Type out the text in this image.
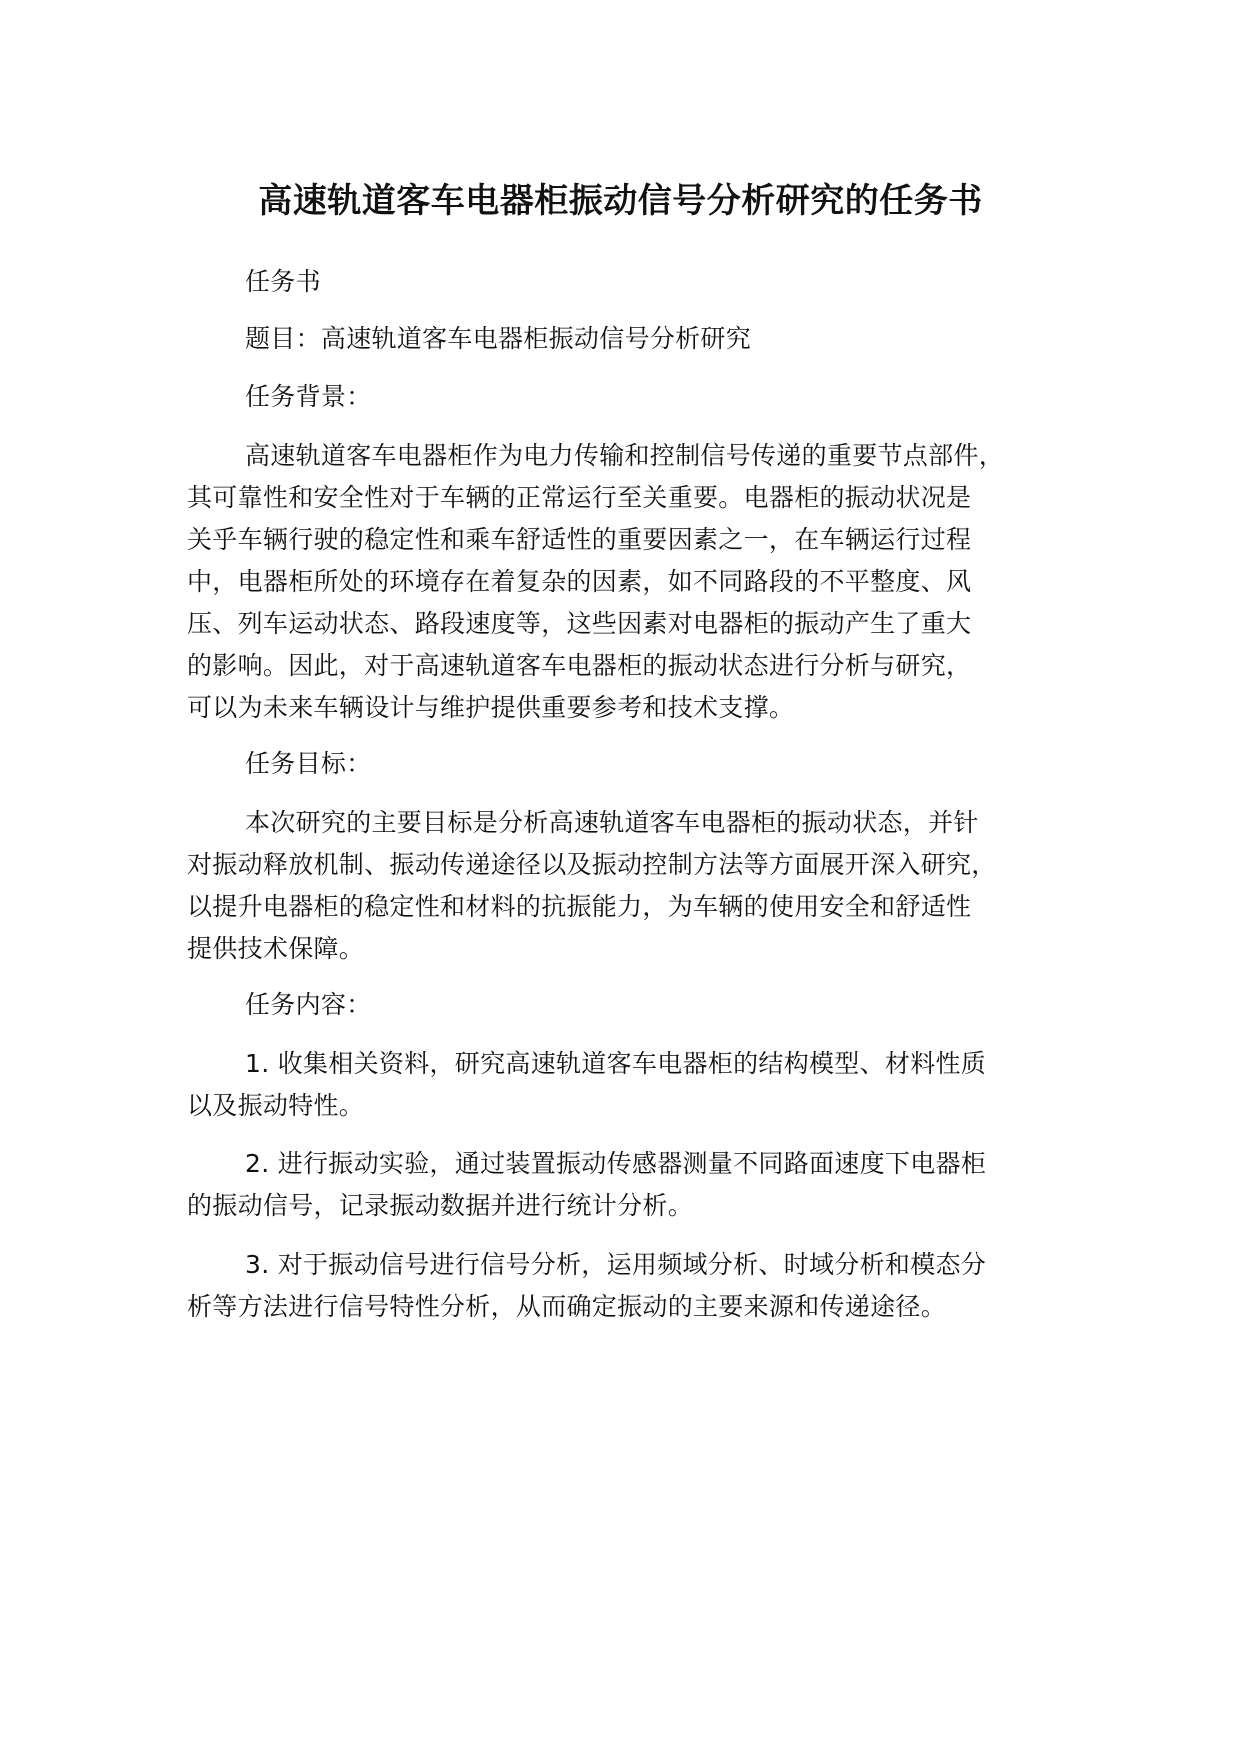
高速轨道客车电器柜振动信号分析研究的任务书
任务书
题目：高速轨道客车电器柜振动信号分析研究
任务背景：
高速轨道客车电器柜作为电力传输和控制信号传递的重要节点部件，
其可靠性和安全性对于车辆的正常运行至关重要。电器柜的振动状况是
关乎车辆行驶的稳定性和乘车舒适性的重要因素之一，在车辆运行过程
中，电器柜所处的环境存在着复杂的因素，如不同路段的不平整度、风
压、列车运动状态、路段速度等，这些因素对电器柜的振动产生了重大
的影响。因此，对于高速轨道客车电器柜的振动状态进行分析与研究，
可以为未来车辆设计与维护提供重要参考和技术支撑。
任务目标：
本次研究的主要目标是分析高速轨道客车电器柜的振动状态，并针
对振动释放机制、振动传递途径以及振动控制方法等方面展开深入研究，
以提升电器柜的稳定性和材料的抗振能力，为车辆的使用安全和舒适性
提供技术保障。
任务内容：
1. 收集相关资料，研究高速轨道客车电器柜的结构模型、材料性质
以及振动特性。
2. 进行振动实验，通过装置振动传感器测量不同路面速度下电器柜
的振动信号，记录振动数据并进行统计分析。
3. 对于振动信号进行信号分析，运用频域分析、时域分析和模态分
析等方法进行信号特性分析，从而确定振动的主要来源和传递途径。
